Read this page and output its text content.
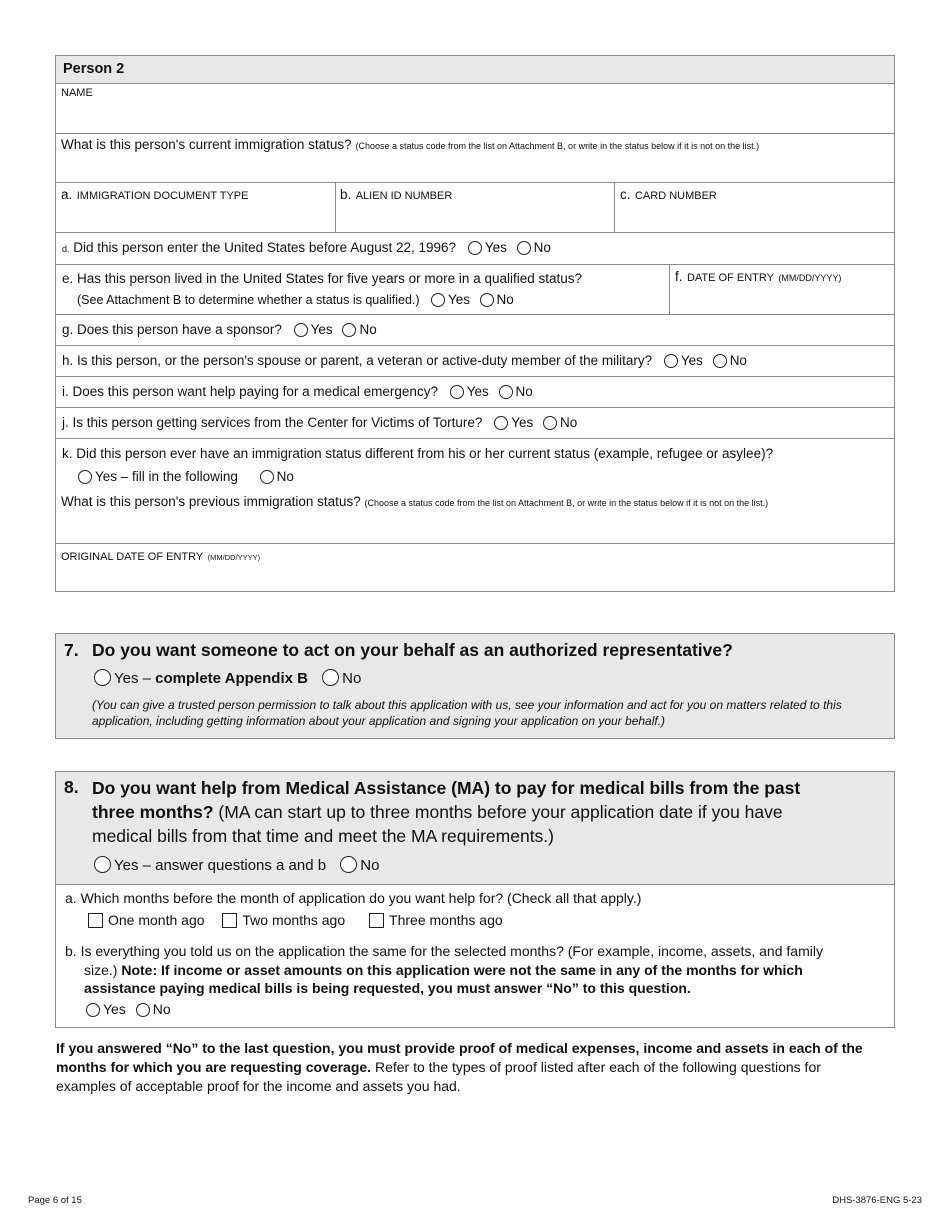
Person 2
NAME
What is this person's current immigration status? (Choose a status code from the list on Attachment B, or write in the status below if it is not on the list.)
a. IMMIGRATION DOCUMENT TYPE	b. ALIEN ID NUMBER	c. CARD NUMBER
d. Did this person enter the United States before August 22, 1996? Yes No
e. Has this person lived in the United States for five years or more in a qualified status?
(See Attachment B to determine whether a status is qualified.) Yes No
f. DATE OF ENTRY (MM/DD/YYYY)
g. Does this person have a sponsor? Yes No
h. Is this person, or the person's spouse or parent, a veteran or active-duty member of the military? Yes No
i. Does this person want help paying for a medical emergency? Yes No
j. Is this person getting services from the Center for Victims of Torture? Yes No
k. Did this person ever have an immigration status different from his or her current status (example, refugee or asylee)?
Yes – fill in the following	No
What is this person's previous immigration status? (Choose a status code from the list on Attachment B, or write in the status below if it is not on the list.)
ORIGINAL DATE OF ENTRY (MM/DD/YYYY)
7. Do you want someone to act on your behalf as an authorized representative?
Yes – complete Appendix B No
(You can give a trusted person permission to talk about this application with us, see your information and act for you on matters related to this application, including getting information about your application and signing your application on your behalf.)
8. Do you want help from Medical Assistance (MA) to pay for medical bills from the past
three months? (MA can start up to three months before your application date if you have
medical bills from that time and meet the MA requirements.)
Yes – answer questions a and b No
a. Which months before the month of application do you want help for? (Check all that apply.)
One month ago	Two months ago	Three months ago
b. Is everything you told us on the application the same for the selected months? (For example, income, assets, and family
size.) Note: If income or asset amounts on this application were not the same in any of the months for which
assistance paying medical bills is being requested, you must answer “No” to this question.
Yes No
If you answered “No” to the last question, you must provide proof of medical expenses, income and assets in each of the
months for which you are requesting coverage. Refer to the types of proof listed after each of the following questions for
examples of acceptable proof for the income and assets you had.
Page 6 of 15	DHS-3876-ENG 5-23
